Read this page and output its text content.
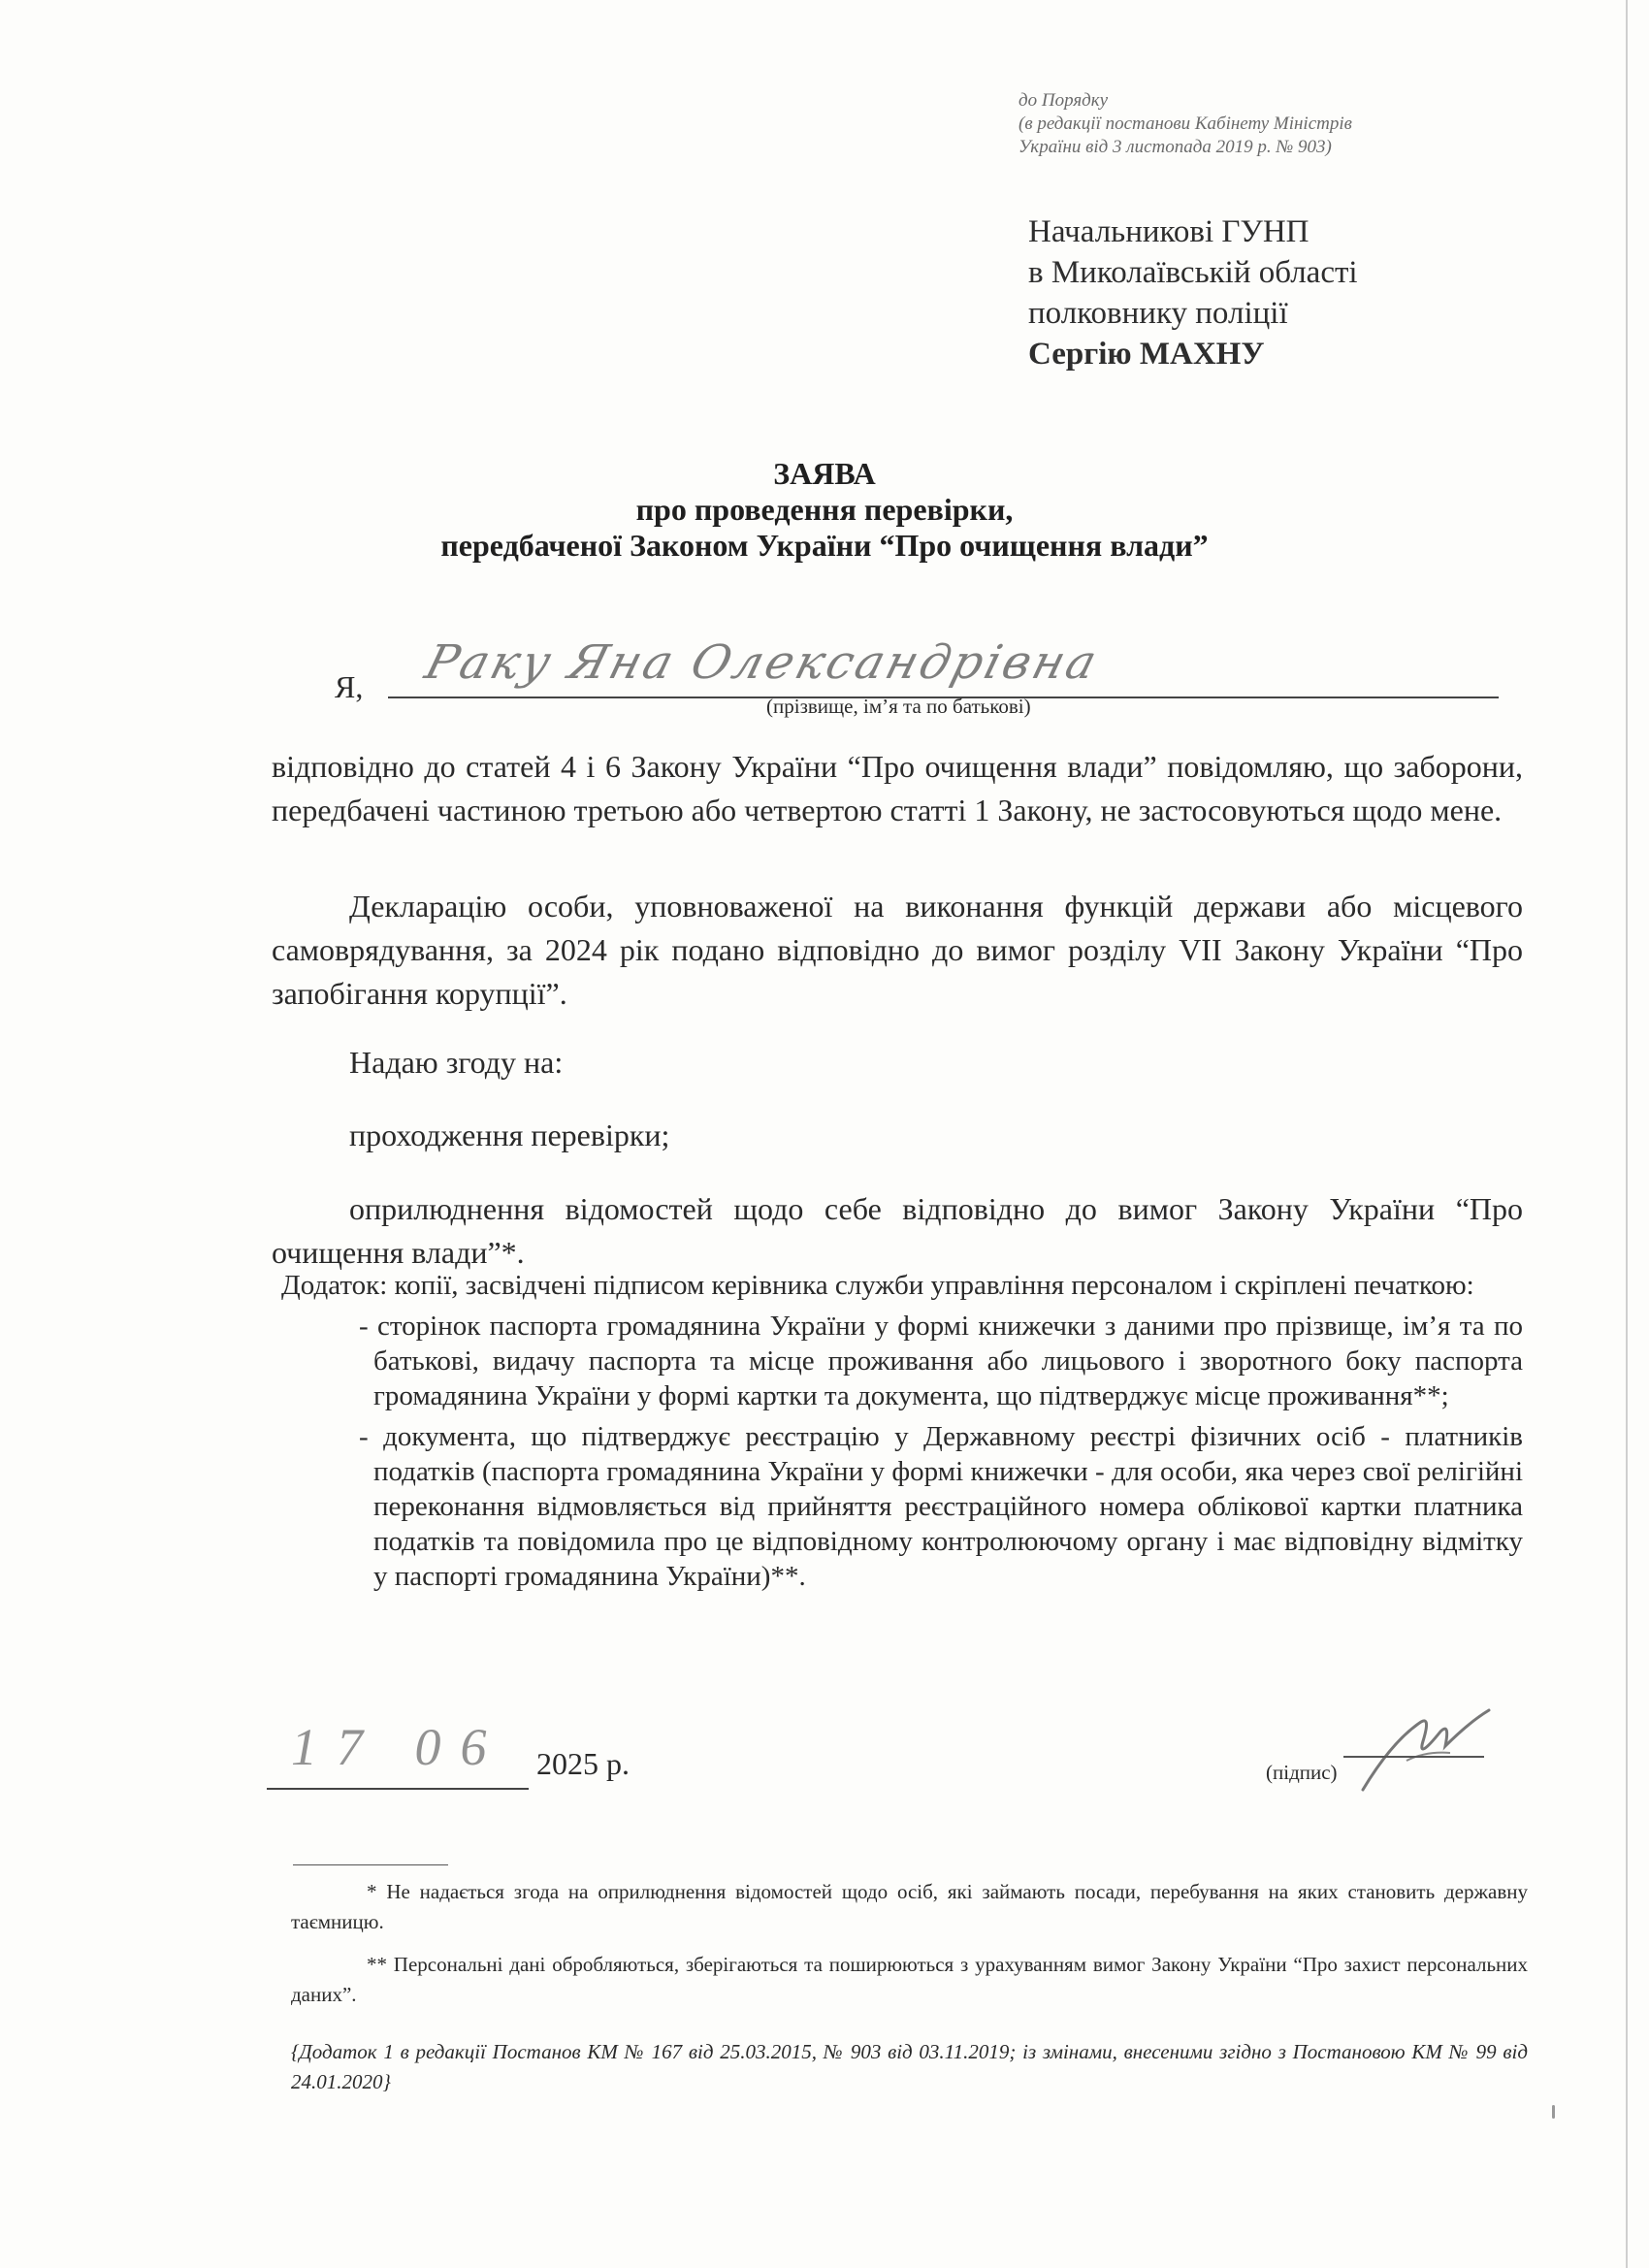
до Порядку
(в редакції постанови Кабінету Міністрів
України від 3 листопада 2019 р. № 903)
Начальникові ГУНП
в Миколаївській області
полковнику поліції
Сергію МАХНУ
ЗАЯВА
про проведення перевірки,
передбаченої Законом України “Про очищення влади”
Я, Раку Яна Олександрівна
(прізвище, ім’я та по батькові)
відповідно до статей 4 і 6 Закону України “Про очищення влади” повідомляю, що заборони, передбачені частиною третьою або четвертою статті 1 Закону, не застосовуються щодо мене.
Декларацію особи, уповноваженої на виконання функцій держави або місцевого самоврядування, за 2024 рік подано відповідно до вимог розділу VII Закону України “Про запобігання корупції”.
Надаю згоду на:
проходження перевірки;
оприлюднення відомостей щодо себе відповідно до вимог Закону України “Про очищення влади”*.
Додаток: копії, засвідчені підписом керівника служби управління персоналом і скріплені печаткою:
- сторінок паспорта громадянина України у формі книжечки з даними про прізвище, ім’я та по батькові, видачу паспорта та місце проживання або лицьового і зворотного боку паспорта громадянина України у формі картки та документа, що підтверджує місце проживання**;
- документа, що підтверджує реєстрацію у Державному реєстрі фізичних осіб - платників податків (паспорта громадянина України у формі книжечки - для особи, яка через свої релігійні переконання відмовляється від прийняття реєстраційного номера облікової картки платника податків та повідомила про це відповідному контролюючому органу і має відповідну відмітку у паспорті громадянина України)**.
17 06 2025 р.	(підпис)
* Не надається згода на оприлюднення відомостей щодо осіб, які займають посади, перебування на яких становить державну таємницю.
** Персональні дані обробляються, зберігаються та поширюються з урахуванням вимог Закону України “Про захист персональних даних”.
{Додаток 1 в редакції Постанов КМ № 167 від 25.03.2015, № 903 від 03.11.2019; із змінами, внесеними згідно з Постановою КМ № 99 від 24.01.2020}
